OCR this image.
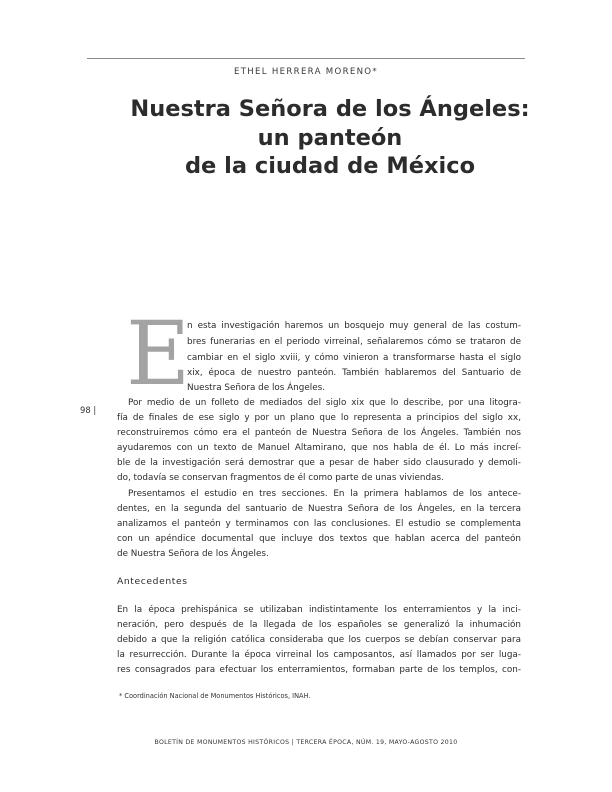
ETHEL HERRERA MORENO*
Nuestra Señora de los Ángeles:
un panteón
de la ciudad de México
E
98 |
n esta investigación haremos un bosquejo muy general de las costum-
bres funerarias en el periodo virreinal, señalaremos cómo se trataron de
cambiar en el siglo xviii, y cómo vinieron a transformarse hasta el siglo
xix, época de nuestro panteón. También hablaremos del Santuario de
Nuestra Señora de los Ángeles.
Por medio de un folleto de mediados del siglo xix que lo describe, por una litogra-
fía de finales de ese siglo y por un plano que lo representa a principios del siglo xx,
reconstruiremos cómo era el panteón de Nuestra Señora de los Ángeles. También nos
ayudaremos con un texto de Manuel Altamirano, que nos habla de él. Lo más increí-
ble de la investigación será demostrar que a pesar de haber sido clausurado y demoli-
do, todavía se conservan fragmentos de él como parte de unas viviendas.
Presentamos el estudio en tres secciones. En la primera hablamos de los antece-
dentes, en la segunda del santuario de Nuestra Señora de los Ángeles, en la tercera
analizamos el panteón y terminamos con las conclusiones. El estudio se complementa
con un apéndice documental que incluye dos textos que hablan acerca del panteón
de Nuestra Señora de los Ángeles.
Antecedentes
En la época prehispánica se utilizaban indistintamente los enterramientos y la inci-
neración, pero después de la llegada de los españoles se generalizó la inhumación
debido a que la religión católica consideraba que los cuerpos se debían conservar para
la resurrección. Durante la época virreinal los camposantos, así llamados por ser luga-
res consagrados para efectuar los enterramientos, formaban parte de los templos, con-
* Coordinación Nacional de Monumentos Históricos, INAH.
BOLETÍN DE MONUMENTOS HISTÓRICOS | TERCERA ÉPOCA, NÚM. 19, MAYO-AGOSTO 2010
